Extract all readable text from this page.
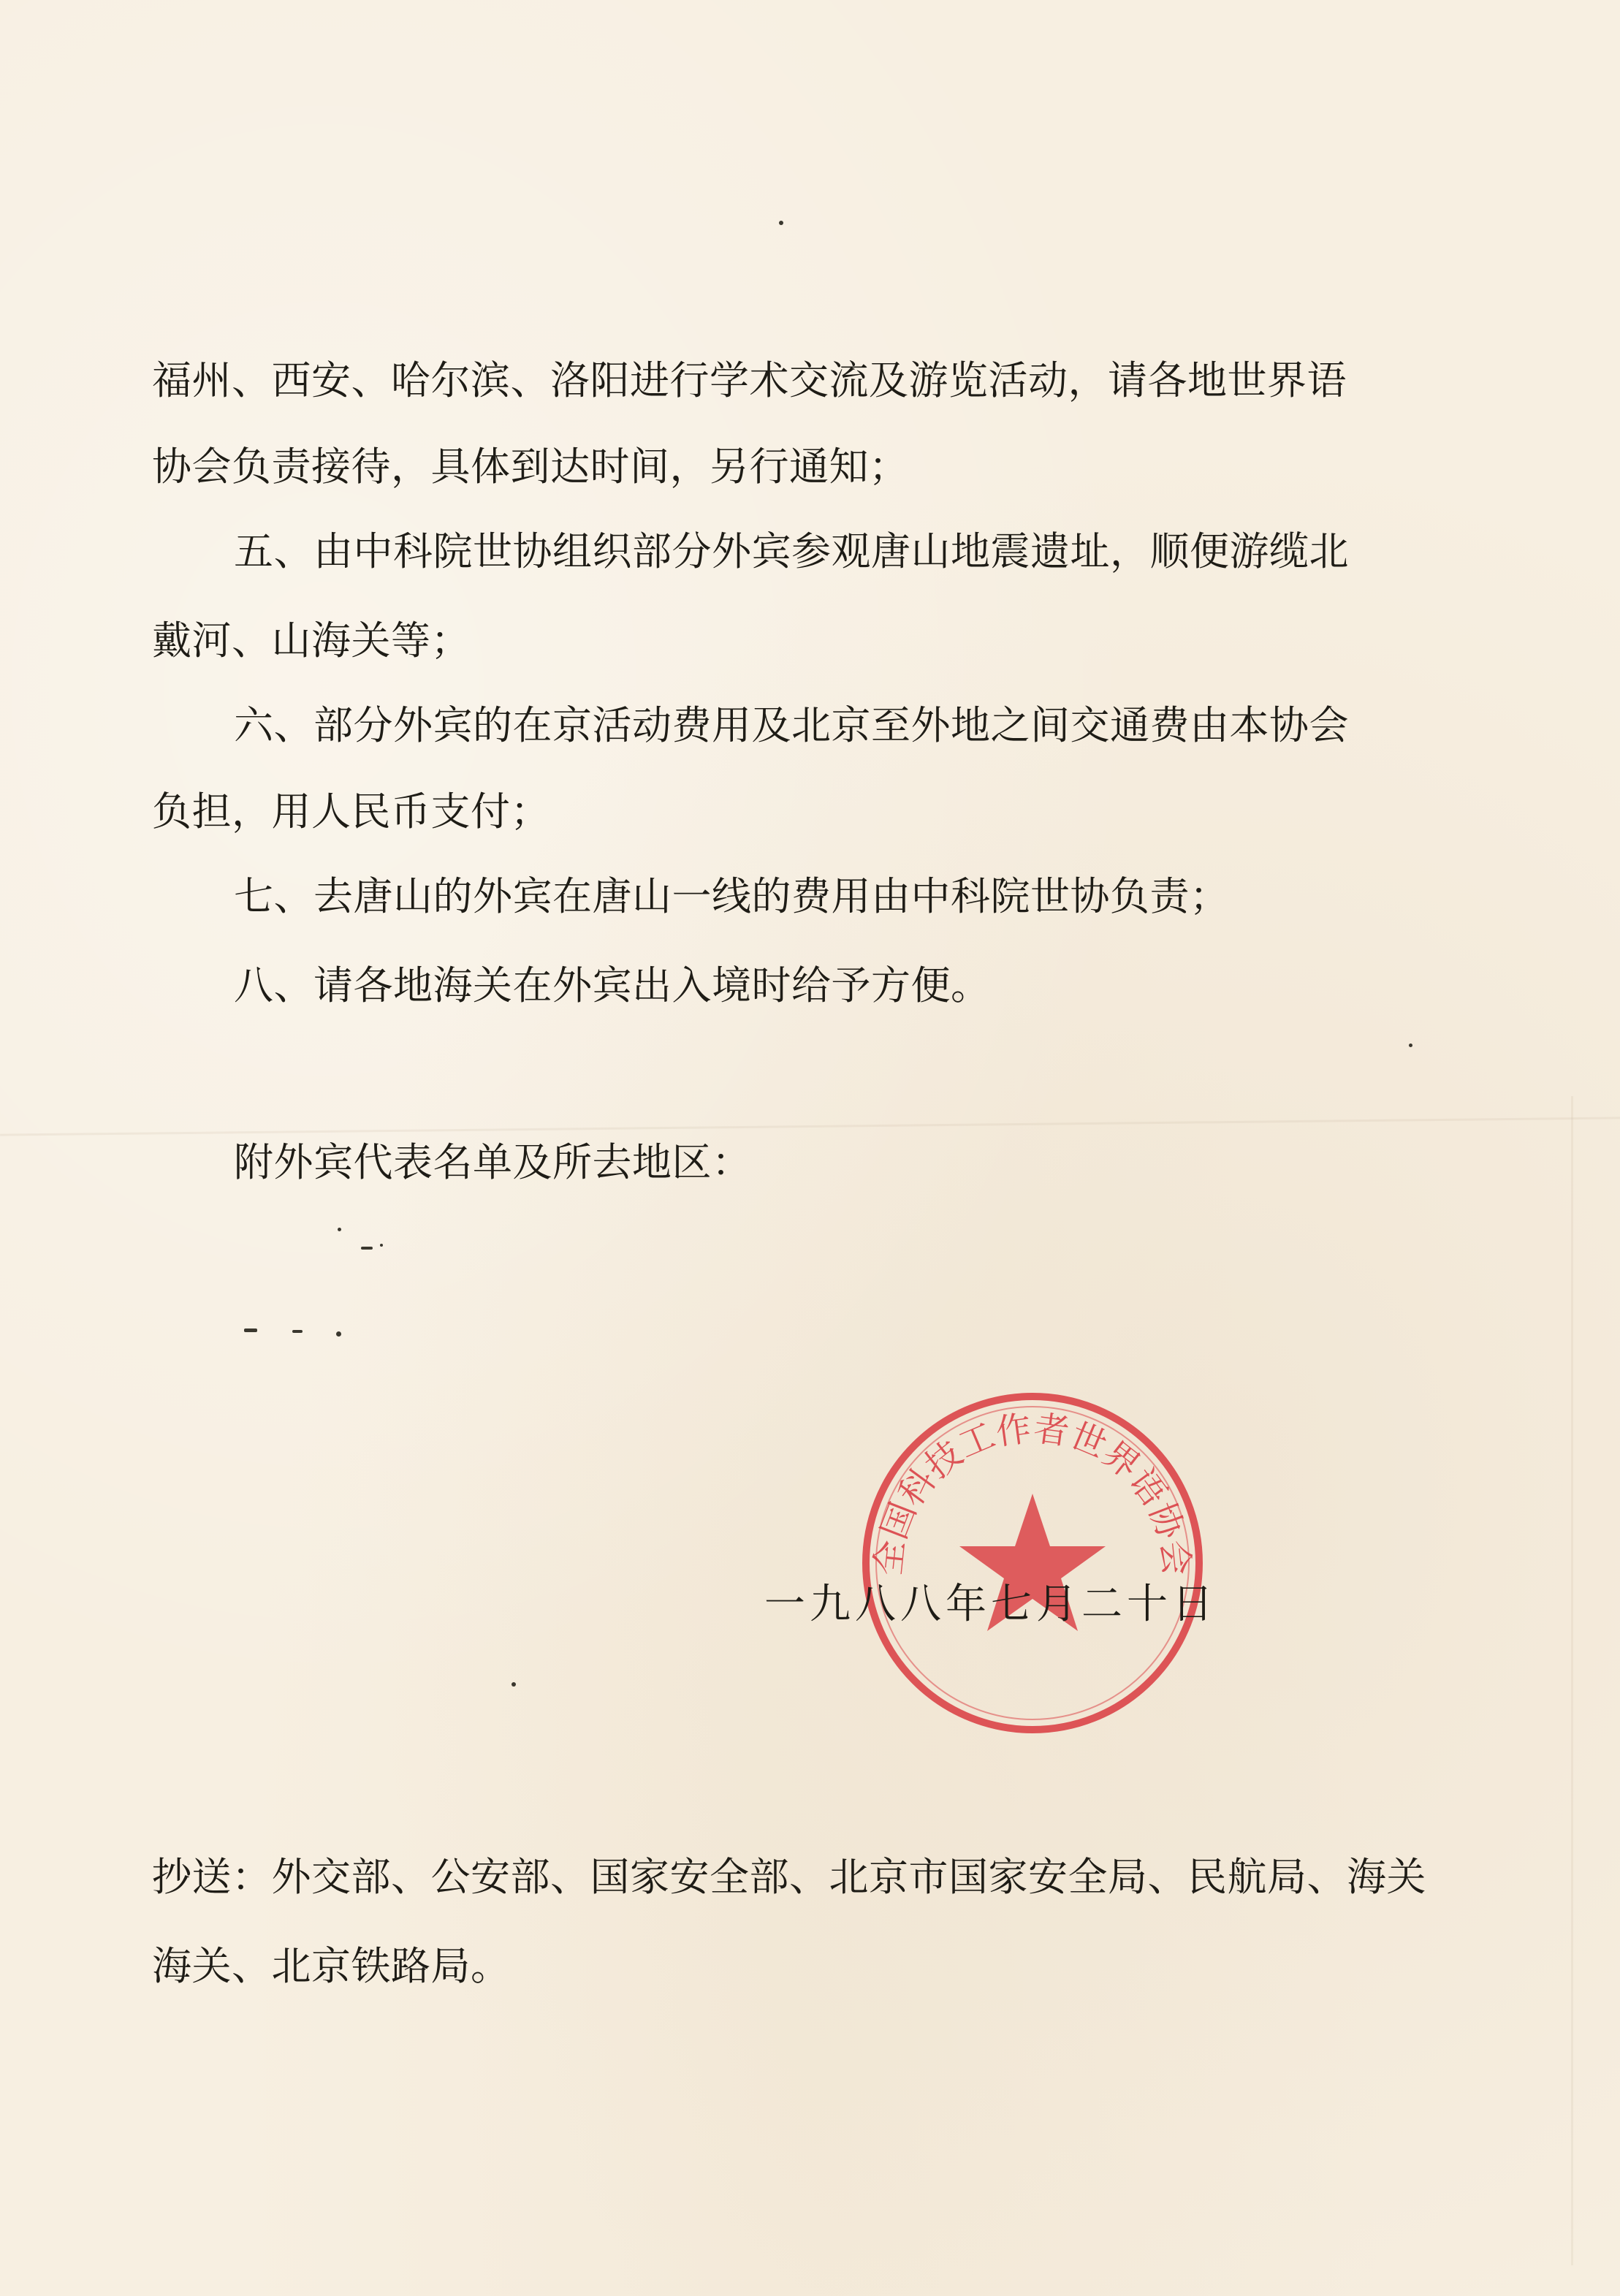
福州、西安、哈尔滨、洛阳进行学术交流及游览活动，请各地世界语
协会负责接待，具体到达时间，另行通知；
五、由中科院世协组织部分外宾参观唐山地震遗址，顺便游缆北
戴河、山海关等；
六、部分外宾的在京活动费用及北京至外地之间交通费由本协会
负担，用人民币支付；
七、去唐山的外宾在唐山一线的费用由中科院世协负责；
八、请各地海关在外宾出入境时给予方便。
附外宾代表名单及所去地区：
全国科技工作者世界语协会
一九八八年七月二十日
抄送：外交部、公安部、国家安全部、北京市国家安全局、民航局、海关
海关、北京铁路局。
